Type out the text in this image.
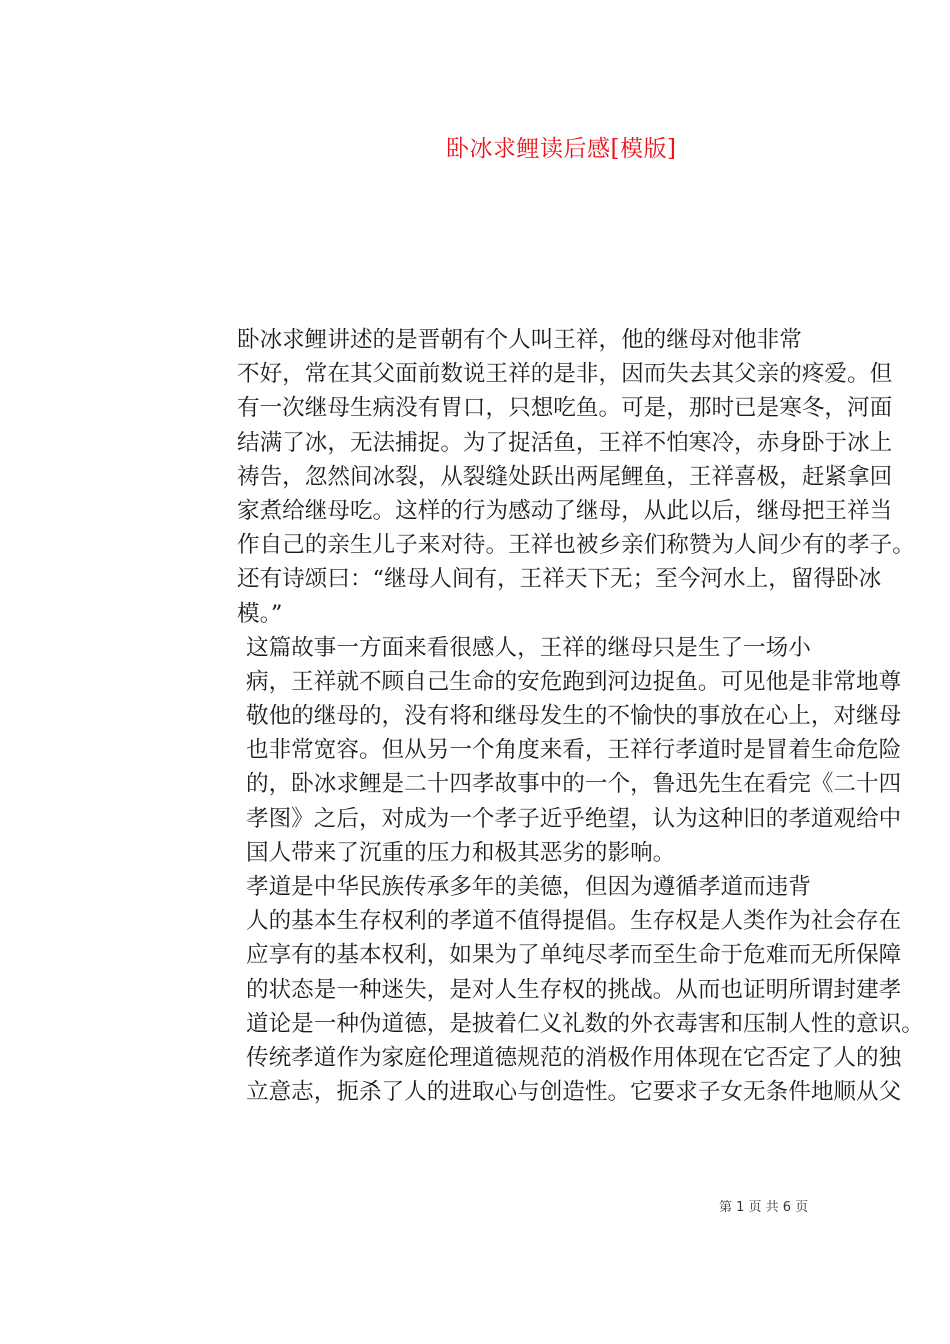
卧冰求鲤读后感[模版]
卧冰求鲤讲述的是晋朝有个人叫王祥，他的继母对他非常
不好，常在其父面前数说王祥的是非，因而失去其父亲的疼爱。但
有一次继母生病没有胃口，只想吃鱼。可是，那时已是寒冬，河面
结满了冰，无法捕捉。为了捉活鱼，王祥不怕寒冷，赤身卧于冰上
祷告，忽然间冰裂，从裂缝处跃出两尾鲤鱼，王祥喜极，赶紧拿回
家煮给继母吃。这样的行为感动了继母，从此以后，继母把王祥当
作自己的亲生儿子来对待。王祥也被乡亲们称赞为人间少有的孝子。
还有诗颂曰：“继母人间有，王祥天下无；至今河水上，留得卧冰
模。”
这篇故事一方面来看很感人，王祥的继母只是生了一场小
病，王祥就不顾自己生命的安危跑到河边捉鱼。可见他是非常地尊
敬他的继母的，没有将和继母发生的不愉快的事放在心上，对继母
也非常宽容。但从另一个角度来看，王祥行孝道时是冒着生命危险
的，卧冰求鲤是二十四孝故事中的一个，鲁迅先生在看完《二十四
孝图》之后，对成为一个孝子近乎绝望，认为这种旧的孝道观给中
国人带来了沉重的压力和极其恶劣的影响。
孝道是中华民族传承多年的美德，但因为遵循孝道而违背
人的基本生存权利的孝道不值得提倡。生存权是人类作为社会存在
应享有的基本权利，如果为了单纯尽孝而至生命于危难而无所保障
的状态是一种迷失，是对人生存权的挑战。从而也证明所谓封建孝
道论是一种伪道德，是披着仁义礼数的外衣毒害和压制人性的意识。
传统孝道作为家庭伦理道德规范的消极作用体现在它否定了人的独
立意志，扼杀了人的进取心与创造性。它要求子女无条件地顺从父
第 1 页 共 6 页
